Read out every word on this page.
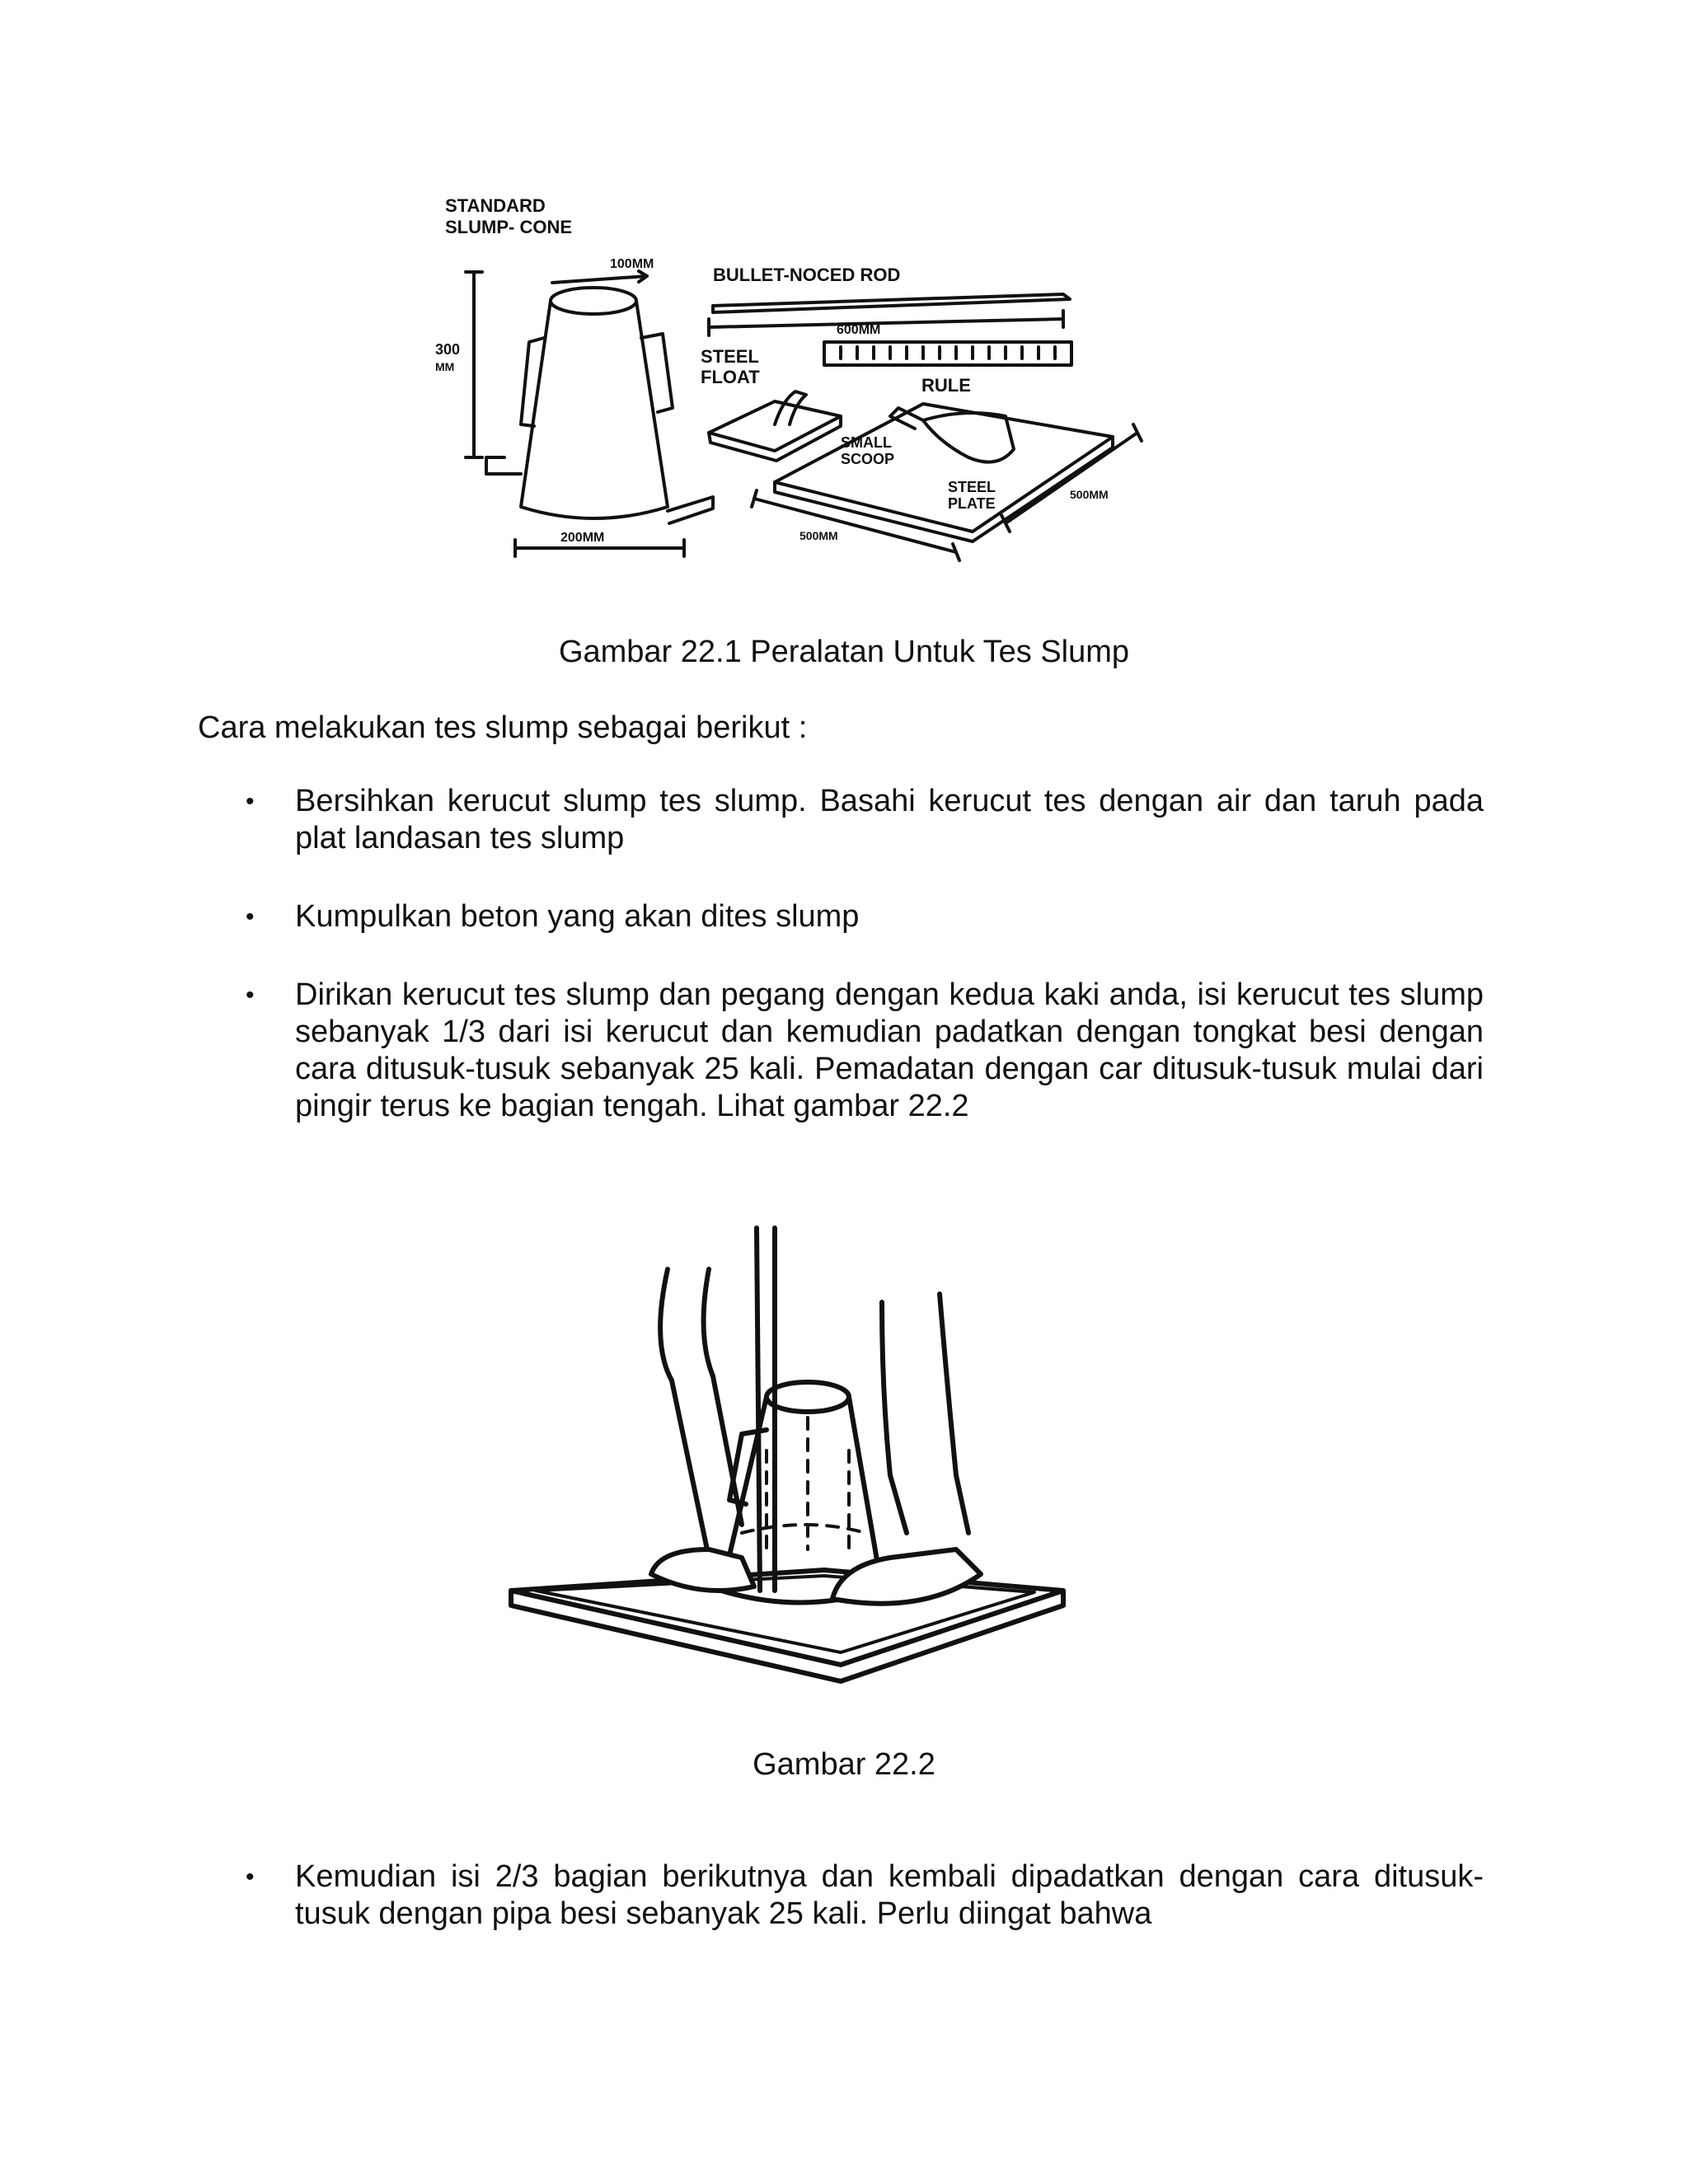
STANDARD
SLUMP- CONE
100MM
BULLET-NOCED ROD
600MM
300
MM	STEEL
FLOAT	RULE
SMALL
SCOOP
STEEL
PLATE
500MM
500MM
200MM
Gambar 22.1 Peralatan Untuk Tes Slump
Cara melakukan tes slump sebagai berikut :
• Bersihkan kerucut slump tes slump. Basahi kerucut tes dengan air dan taruh pada plat landasan tes slump
• Kumpulkan beton yang akan dites slump
• Dirikan kerucut tes slump dan pegang dengan kedua kaki anda, isi kerucut tes slump sebanyak 1/3 dari isi kerucut dan kemudian padatkan dengan tongkat besi dengan cara ditusuk-tusuk sebanyak 25 kali. Pemadatan dengan car ditusuk-tusuk mulai dari pingir terus ke bagian tengah. Lihat gambar 22.2
Gambar 22.2
• Kemudian isi 2/3 bagian berikutnya dan kembali dipadatkan dengan cara ditusuk-tusuk dengan pipa besi sebanyak 25 kali. Perlu diingat bahwa
